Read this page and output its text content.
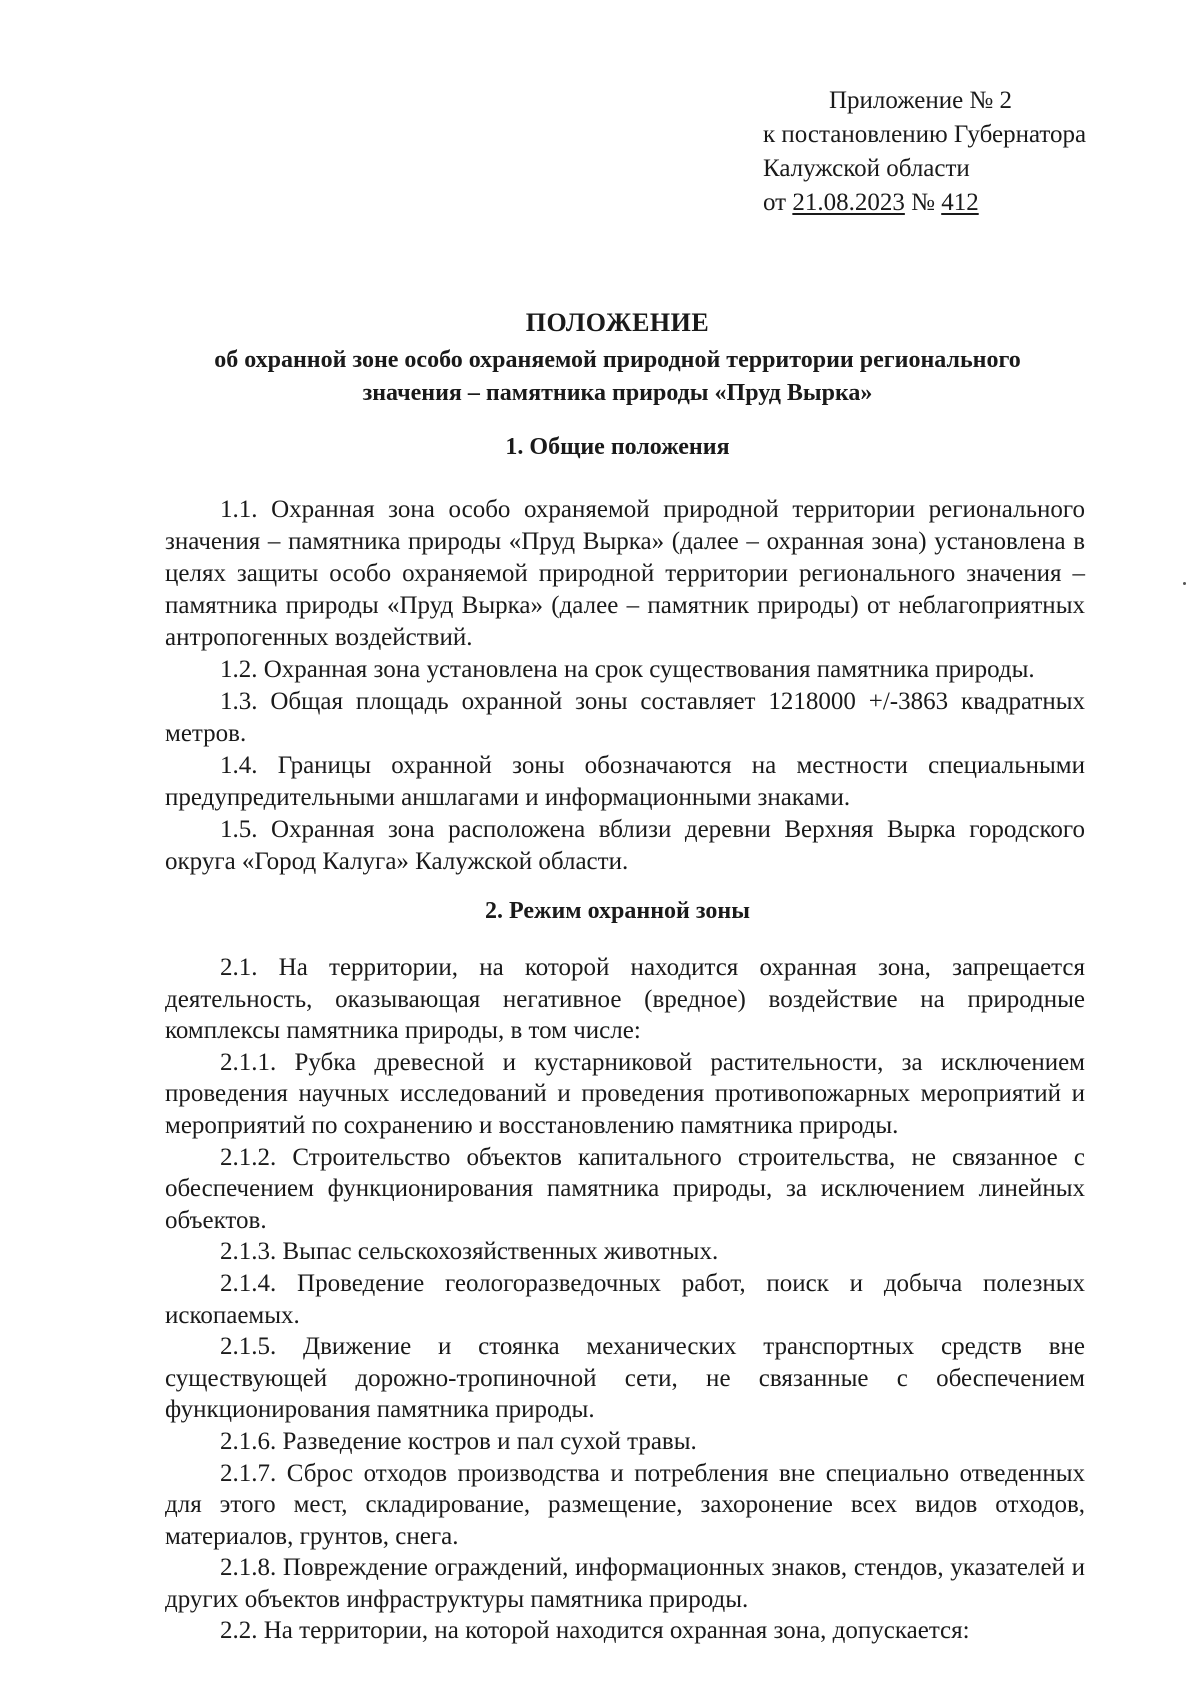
Приложение № 2
к постановлению Губернатора
Калужской области
от 21.08.2023 № 412
ПОЛОЖЕНИЕ
об охранной зоне особо охраняемой природной территории регионального
значения – памятника природы «Пруд Вырка»
1. Общие положения

1.1. Охранная зона особо охраняемой природной территории регионального значения – памятника природы «Пруд Вырка» (далее – охранная зона) установлена в целях защиты особо охраняемой природной территории регионального значения – памятника природы «Пруд Вырка» (далее – памятник природы) от неблагоприятных антропогенных воздействий.

1.2. Охранная зона установлена на срок существования памятника природы.

1.3. Общая площадь охранной зоны составляет 1218000 +/-3863 квадратных метров.

1.4. Границы охранной зоны обозначаются на местности специальными предупредительными аншлагами и информационными знаками.

1.5. Охранная зона расположена вблизи деревни Верхняя Вырка городского округа «Город Калуга» Калужской области.

2. Режим охранной зоны

2.1. На территории, на которой находится охранная зона, запрещается деятельность, оказывающая негативное (вредное) воздействие на природные комплексы памятника природы, в том числе:

2.1.1. Рубка древесной и кустарниковой растительности, за исключением проведения научных исследований и проведения противопожарных мероприятий и мероприятий по сохранению и восстановлению памятника природы.

2.1.2. Строительство объектов капитального строительства, не связанное с обеспечением функционирования памятника природы, за исключением линейных объектов.

2.1.3. Выпас сельскохозяйственных животных.

2.1.4. Проведение геологоразведочных работ, поиск и добыча полезных ископаемых.

2.1.5. Движение и стоянка механических транспортных средств вне существующей дорожно-тропиночной сети, не связанные с обеспечением функционирования памятника природы.

2.1.6. Разведение костров и пал сухой травы.

2.1.7. Сброс отходов производства и потребления вне специально отведенных для этого мест, складирование, размещение, захоронение всех видов отходов, материалов, грунтов, снега.

2.1.8. Повреждение ограждений, информационных знаков, стендов, указателей и других объектов инфраструктуры памятника природы.

2.2. На территории, на которой находится охранная зона, допускается:
